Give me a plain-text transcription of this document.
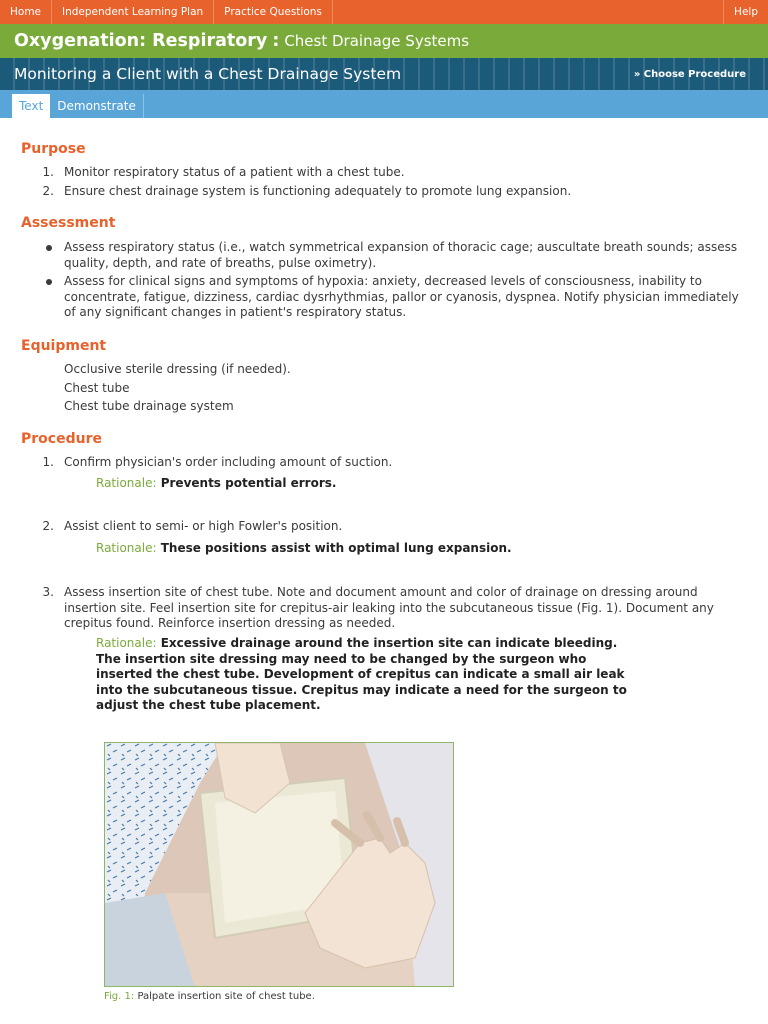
Home	Independent Learning Plan	Practice Questions	Help
Oxygenation: Respiratory : Chest Drainage Systems
Monitoring a Client with a Chest Drainage System	» Choose Procedure
Text	Demonstrate
Purpose
1. Monitor respiratory status of a patient with a chest tube.
2. Ensure chest drainage system is functioning adequately to promote lung expansion.
Assessment
Assess respiratory status (i.e., watch symmetrical expansion of thoracic cage; auscultate breath sounds; assess quality, depth, and rate of breaths, pulse oximetry).
Assess for clinical signs and symptoms of hypoxia: anxiety, decreased levels of consciousness, inability to concentrate, fatigue, dizziness, cardiac dysrhythmias, pallor or cyanosis, dyspnea. Notify physician immediately of any significant changes in patient's respiratory status.
Equipment
Occlusive sterile dressing (if needed).
Chest tube
Chest tube drainage system
Procedure
1. Confirm physician's order including amount of suction.
Rationale: Prevents potential errors.
2. Assist client to semi- or high Fowler's position.
Rationale: These positions assist with optimal lung expansion.
3. Assess insertion site of chest tube. Note and document amount and color of drainage on dressing around insertion site. Feel insertion site for crepitus-air leaking into the subcutaneous tissue (Fig. 1). Document any crepitus found. Reinforce insertion dressing as needed.
Rationale: Excessive drainage around the insertion site can indicate bleeding. The insertion site dressing may need to be changed by the surgeon who inserted the chest tube. Development of crepitus can indicate a small air leak into the subcutaneous tissue. Crepitus may indicate a need for the surgeon to adjust the chest tube placement.
Fig. 1: Palpate insertion site of chest tube.
